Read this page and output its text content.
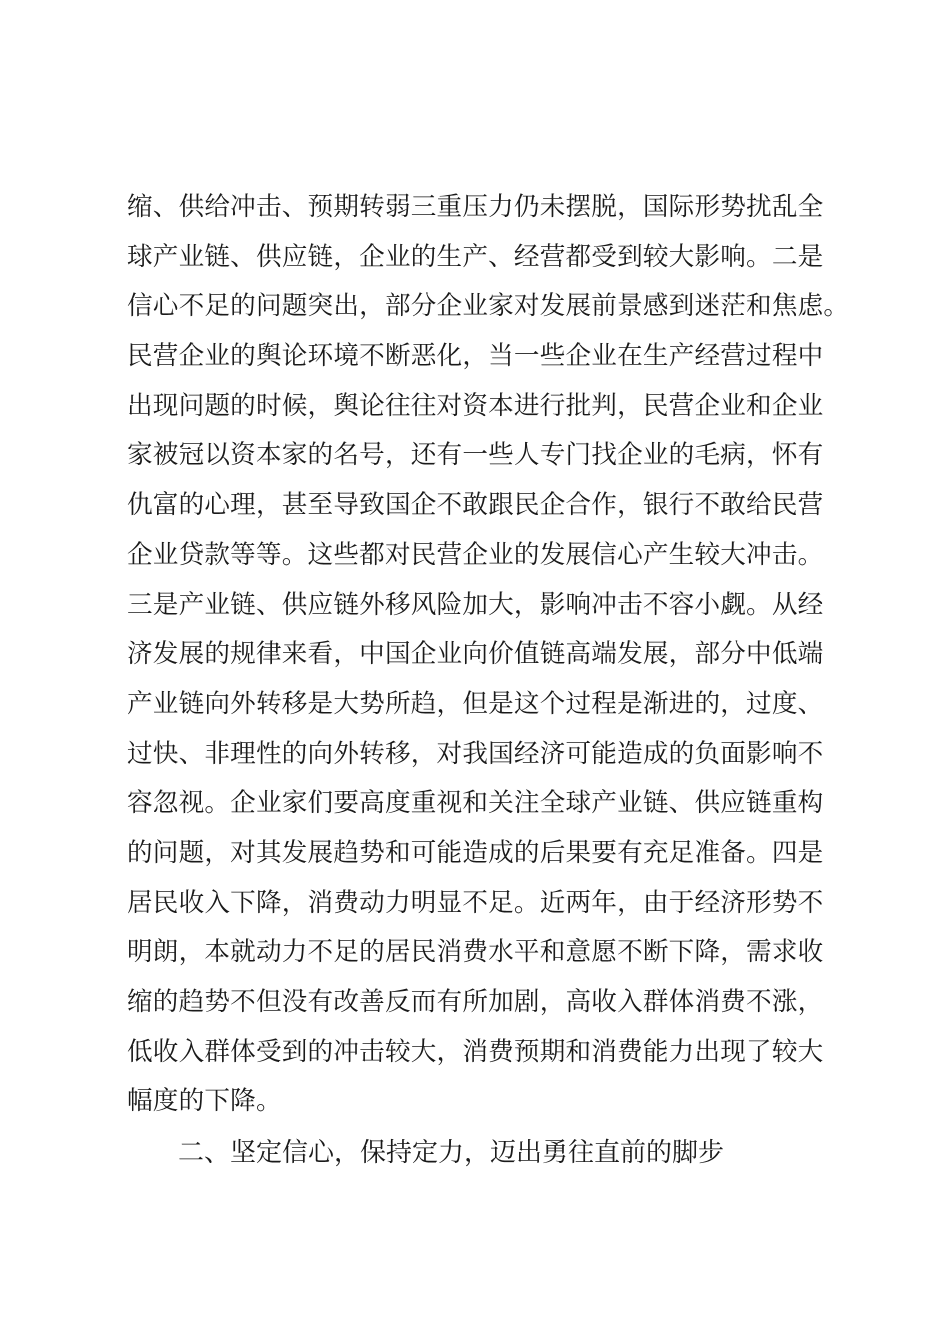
缩、供给冲击、预期转弱三重压力仍未摆脱，国际形势扰乱全
球产业链、供应链，企业的生产、经营都受到较大影响。二是
信心不足的问题突出，部分企业家对发展前景感到迷茫和焦虑。
民营企业的舆论环境不断恶化，当一些企业在生产经营过程中
出现问题的时候，舆论往往对资本进行批判，民营企业和企业
家被冠以资本家的名号，还有一些人专门找企业的毛病，怀有
仇富的心理，甚至导致国企不敢跟民企合作，银行不敢给民营
企业贷款等等。这些都对民营企业的发展信心产生较大冲击。
三是产业链、供应链外移风险加大，影响冲击不容小觑。从经
济发展的规律来看，中国企业向价值链高端发展，部分中低端
产业链向外转移是大势所趋，但是这个过程是渐进的，过度、
过快、非理性的向外转移，对我国经济可能造成的负面影响不
容忽视。企业家们要高度重视和关注全球产业链、供应链重构
的问题，对其发展趋势和可能造成的后果要有充足准备。四是
居民收入下降，消费动力明显不足。近两年，由于经济形势不
明朗，本就动力不足的居民消费水平和意愿不断下降，需求收
缩的趋势不但没有改善反而有所加剧，高收入群体消费不涨，
低收入群体受到的冲击较大，消费预期和消费能力出现了较大
幅度的下降。
二、坚定信心，保持定力，迈出勇往直前的脚步
